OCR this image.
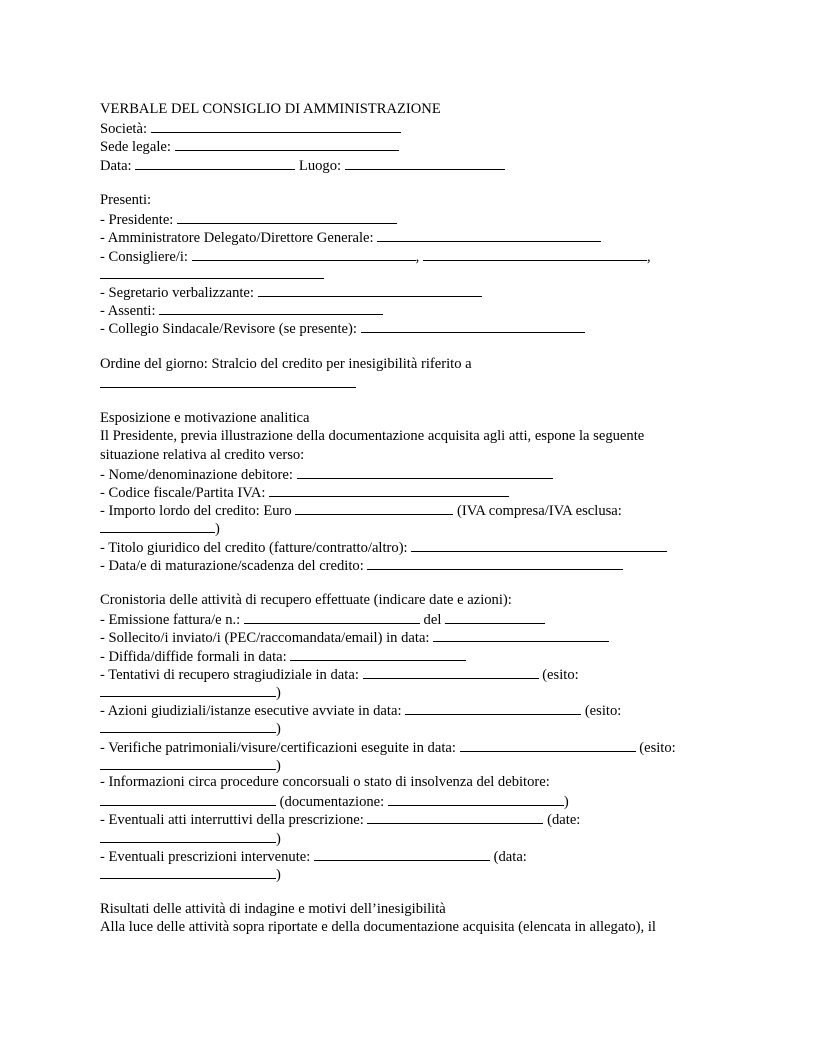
VERBALE DEL CONSIGLIO DI AMMINISTRAZIONE
Società:
Sede legale:
Data:	Luogo:
Presenti:
- Presidente:
- Amministratore Delegato/Direttore Generale:
- Consigliere/i:	,	,
- Segretario verbalizzante:
- Assenti:
- Collegio Sindacale/Revisore (se presente):
Ordine del giorno: Stralcio del credito per inesigibilità riferito a
Esposizione e motivazione analitica
Il Presidente, previa illustrazione della documentazione acquisita agli atti, espone la seguente
situazione relativa al credito verso:
- Nome/denominazione debitore:
- Codice fiscale/Partita IVA:
- Importo lordo del credito: Euro	(IVA compresa/IVA esclusa:
)
- Titolo giuridico del credito (fatture/contratto/altro):
- Data/e di maturazione/scadenza del credito:
Cronistoria delle attività di recupero effettuate (indicare date e azioni):
- Emissione fattura/e n.:	del
- Sollecito/i inviato/i (PEC/raccomandata/email) in data:
- Diffida/diffide formali in data:
- Tentativi di recupero stragiudiziale in data:	(esito:
)
- Azioni giudiziali/istanze esecutive avviate in data:	(esito:
)
- Verifiche patrimoniali/visure/certificazioni eseguite in data:	(esito:
)
- Informazioni circa procedure concorsuali o stato di insolvenza del debitore:
(documentazione:	)
- Eventuali atti interruttivi della prescrizione:	(date:
)
- Eventuali prescrizioni intervenute:	(data:
)
Risultati delle attività di indagine e motivi dell’inesigibilità
Alla luce delle attività sopra riportate e della documentazione acquisita (elencata in allegato), il
